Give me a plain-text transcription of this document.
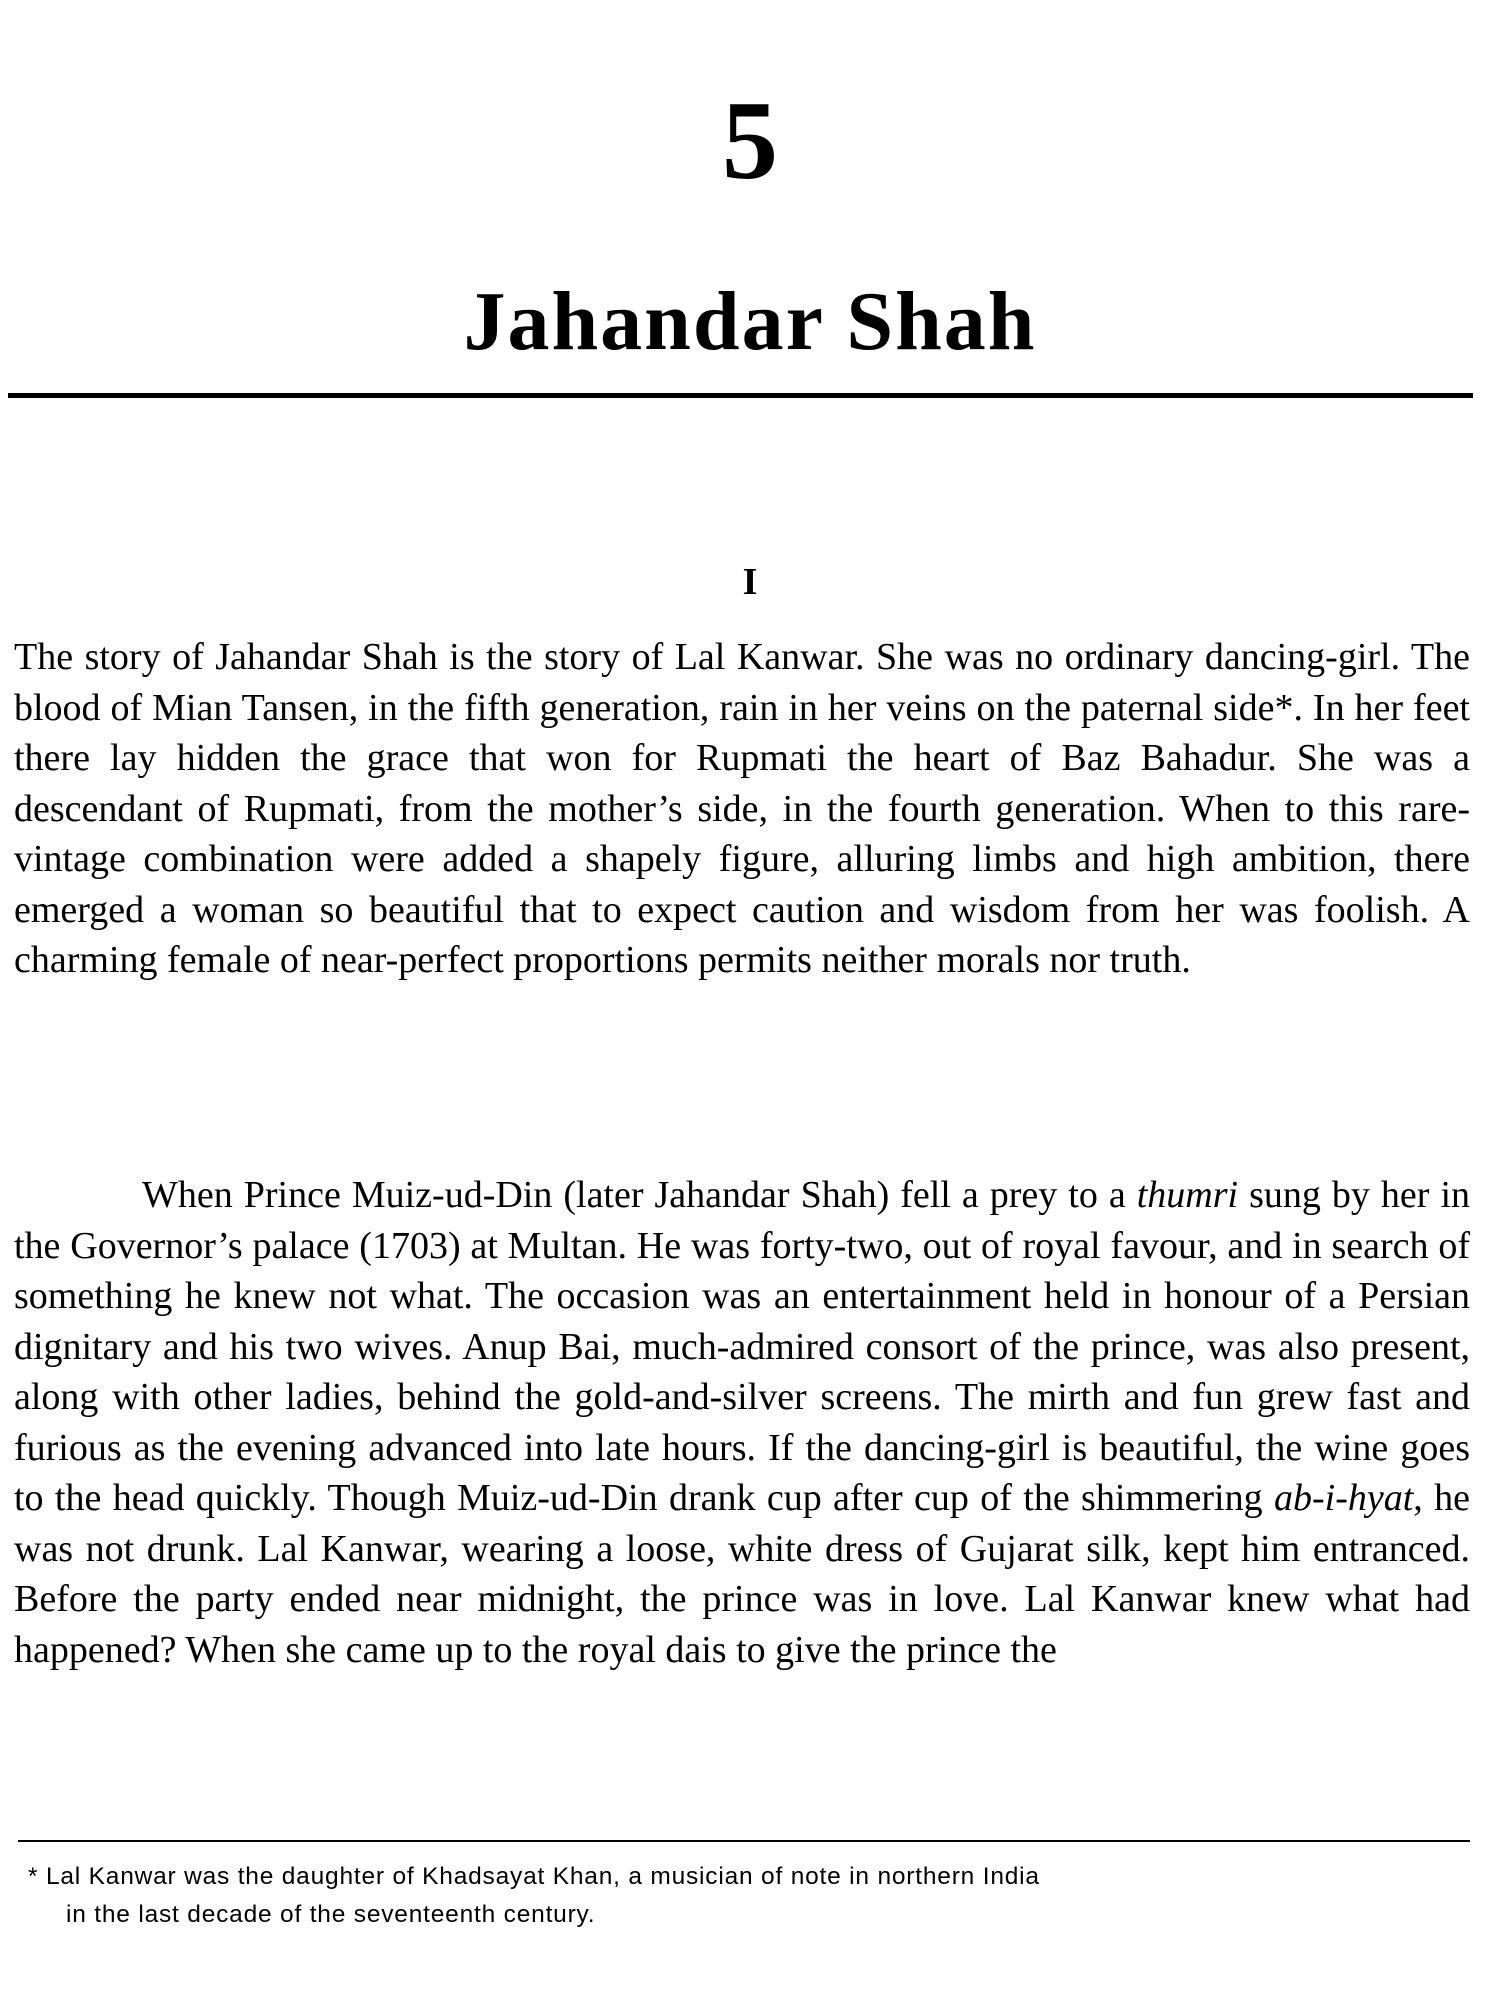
5
Jahandar Shah
I

The story of Jahandar Shah is the story of Lal Kanwar. She was no ordinary dancing-girl. The blood of Mian Tansen, in the fifth generation, rain in her veins on the paternal side*. In her feet there lay hidden the grace that won for Rupmati the heart of Baz Bahadur. She was a descendant of Rupmati, from the mother’s side, in the fourth generation. When to this rare-vintage combination were added a shapely figure, alluring limbs and high ambition, there emerged a woman so beautiful that to expect caution and wisdom from her was foolish. A charming female of near-perfect proportions permits neither morals nor truth.

When Prince Muiz-ud-Din (later Jahandar Shah) fell a prey to a thumri sung by her in the Governor’s palace (1703) at Multan. He was forty-two, out of royal favour, and in search of something he knew not what. The occasion was an entertainment held in honour of a Persian dignitary and his two wives. Anup Bai, much-admired consort of the prince, was also present, along with other ladies, behind the gold-and-silver screens. The mirth and fun grew fast and furious as the evening advanced into late hours. If the dancing-girl is beautiful, the wine goes to the head quickly. Though Muiz-ud-Din drank cup after cup of the shimmering ab-i-hyat, he was not drunk. Lal Kanwar, wearing a loose, white dress of Gujarat silk, kept him entranced. Before the party ended near midnight, the prince was in love. Lal Kanwar knew what had happened? When she came up to the royal dais to give the prince the

* Lal Kanwar was the daughter of Khadsayat Khan, a musician of note in northern India
in the last decade of the seventeenth century.
